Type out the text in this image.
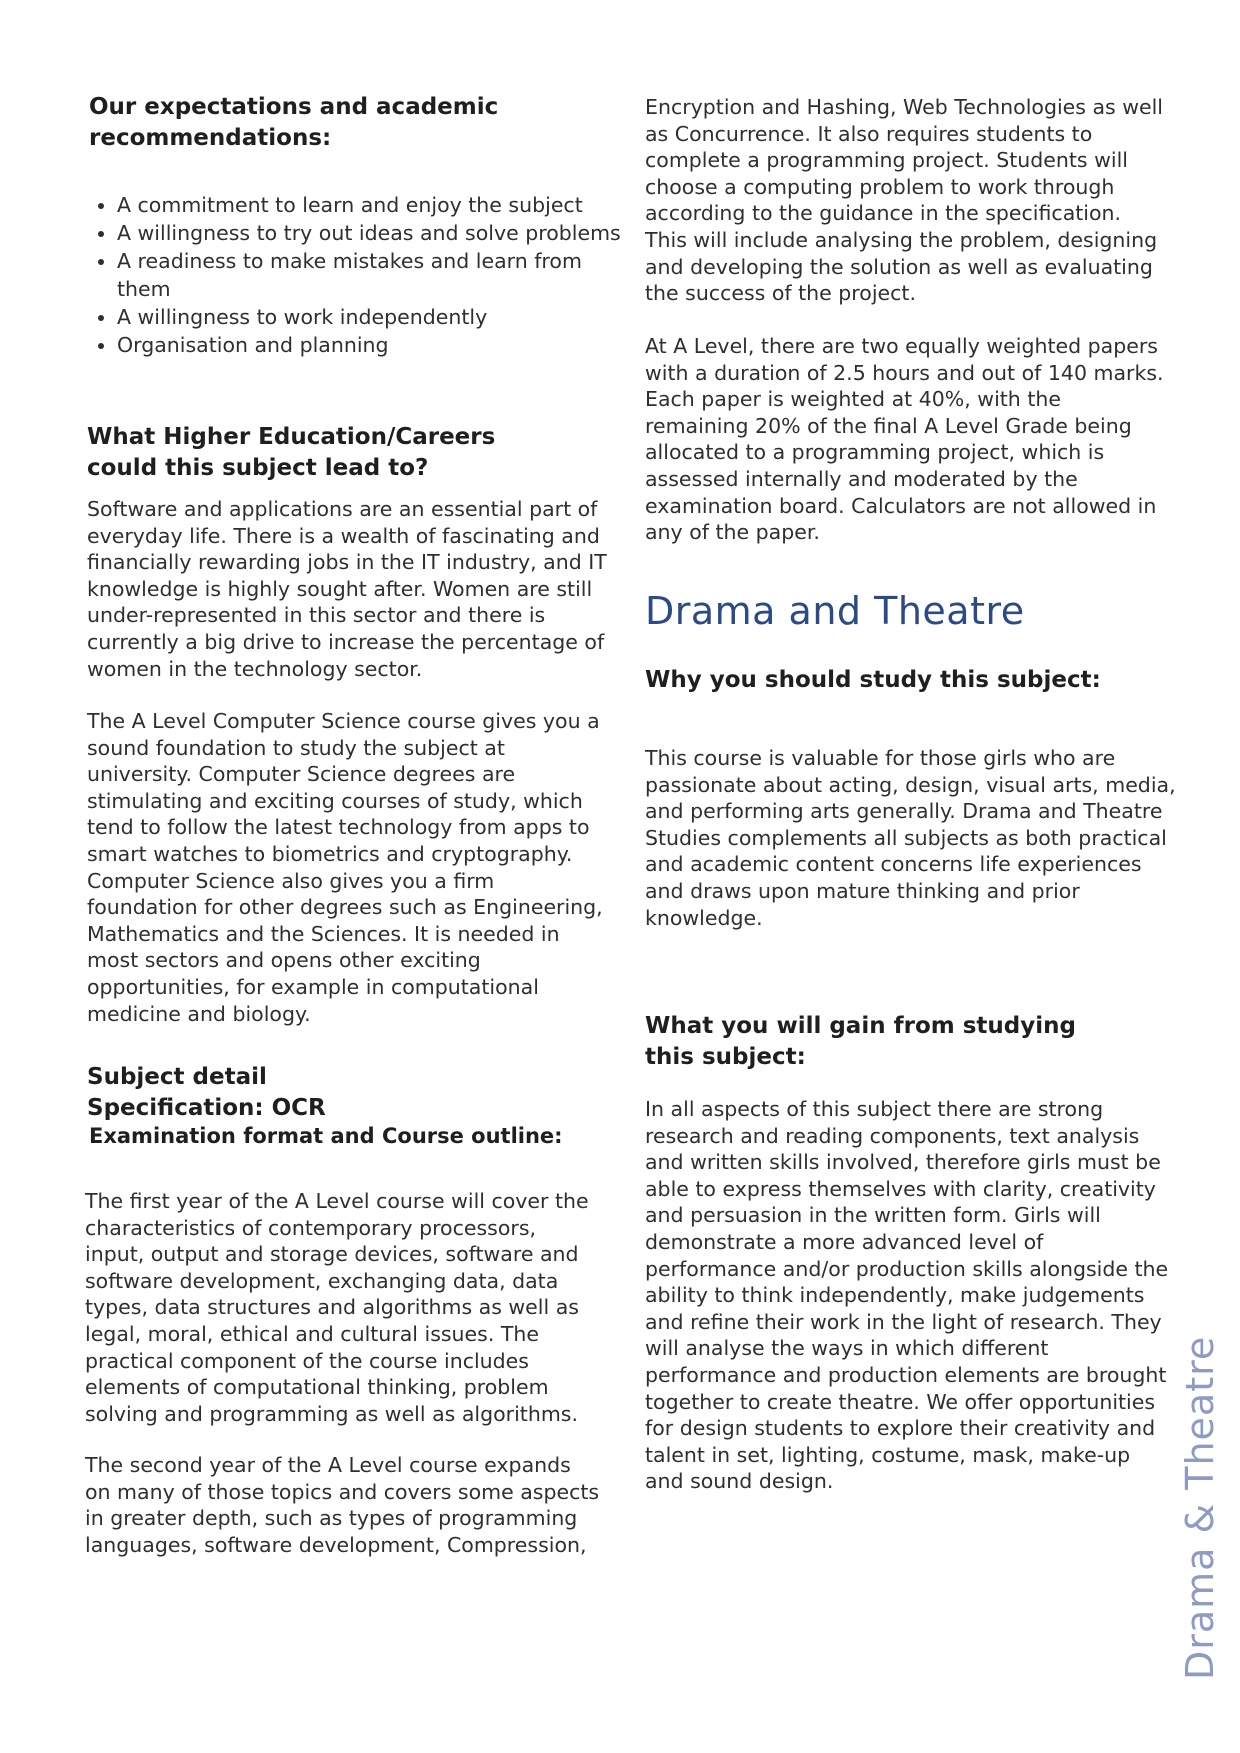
Our expectations and academic recommendations:
• A commitment to learn and enjoy the subject
• A willingness to try out ideas and solve problems
• A readiness to make mistakes and learn from them
• A willingness to work independently
• Organisation and planning
What Higher Education/Careers could this subject lead to?

Software and applications are an essential part of everyday life. There is a wealth of fascinating and financially rewarding jobs in the IT industry, and IT knowledge is highly sought after. Women are still under-represented in this sector and there is currently a big drive to increase the percentage of women in the technology sector.

The A Level Computer Science course gives you a sound foundation to study the subject at university. Computer Science degrees are stimulating and exciting courses of study, which tend to follow the latest technology from apps to smart watches to biometrics and cryptography. Computer Science also gives you a firm foundation for other degrees such as Engineering, Mathematics and the Sciences. It is needed in most sectors and opens other exciting opportunities, for example in computational medicine and biology.

Subject detail
Specification: OCR
Examination format and Course outline:

The first year of the A Level course will cover the characteristics of contemporary processors, input, output and storage devices, software and software development, exchanging data, data types, data structures and algorithms as well as legal, moral, ethical and cultural issues. The practical component of the course includes elements of computational thinking, problem solving and programming as well as algorithms.

The second year of the A Level course expands on many of those topics and covers some aspects in greater depth, such as types of programming languages, software development, Compression,

Encryption and Hashing, Web Technologies as well as Concurrence. It also requires students to complete a programming project. Students will choose a computing problem to work through according to the guidance in the specification. This will include analysing the problem, designing and developing the solution as well as evaluating the success of the project.

At A Level, there are two equally weighted papers with a duration of 2.5 hours and out of 140 marks. Each paper is weighted at 40%, with the remaining 20% of the final A Level Grade being allocated to a programming project, which is assessed internally and moderated by the examination board. Calculators are not allowed in any of the paper.

Drama and Theatre
Why you should study this subject:

This course is valuable for those girls who are passionate about acting, design, visual arts, media, and performing arts generally. Drama and Theatre Studies complements all subjects as both practical and academic content concerns life experiences and draws upon mature thinking and prior knowledge.

What you will gain from studying this subject:

In all aspects of this subject there are strong research and reading components, text analysis and written skills involved, therefore girls must be able to express themselves with clarity, creativity and persuasion in the written form. Girls will demonstrate a more advanced level of performance and/or production skills alongside the ability to think independently, make judgements and refine their work in the light of research. They will analyse the ways in which different performance and production elements are brought together to create theatre. We offer opportunities for design students to explore their creativity and talent in set, lighting, costume, mask, make-up and sound design.	Drama & Theatre
